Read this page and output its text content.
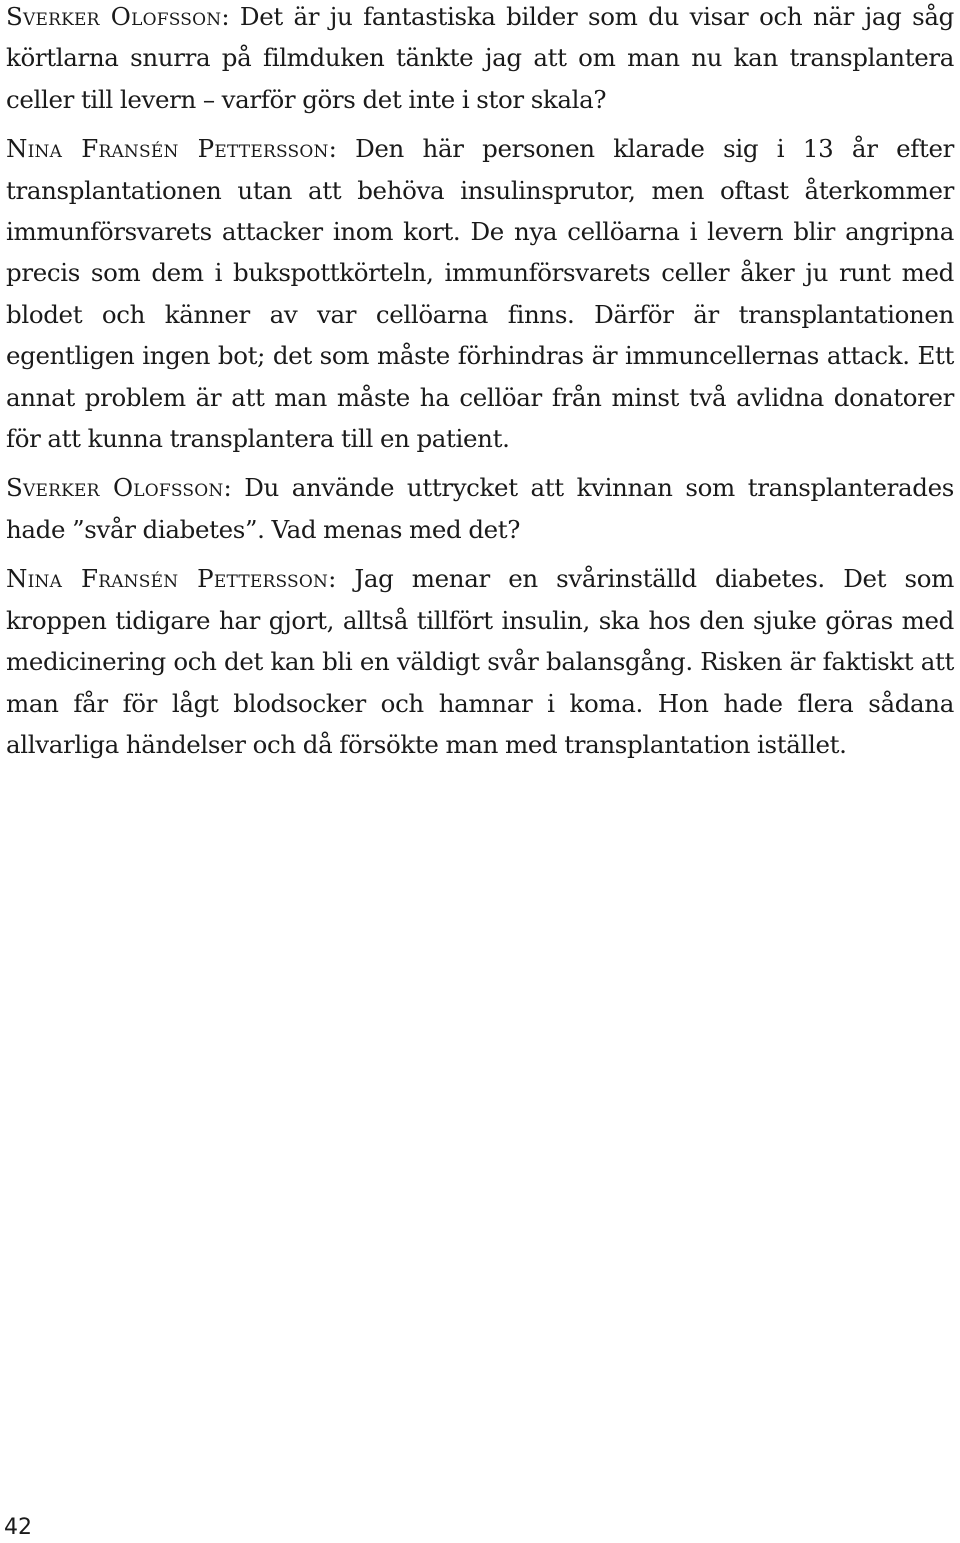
Sverker Olofsson: Det är ju fantastiska bilder som du visar och när jag såg körtlarna snurra på filmduken tänkte jag att om man nu kan transplantera celler till levern – varför görs det inte i stor skala?

Nina Fransén Pettersson: Den här personen klarade sig i 13 år efter transplantationen utan att behöva insulinsprutor, men oftast återkommer immunförsvarets attacker inom kort. De nya cellöarna i levern blir angripna precis som dem i bukspottkörteln, immunförsvarets celler åker ju runt med blodet och känner av var cellöarna finns. Därför är transplantationen egentligen ingen bot; det som måste förhindras är immuncellernas attack. Ett annat problem är att man måste ha cellöar från minst två avlidna donatorer för att kunna transplantera till en patient.

Sverker Olofsson: Du använde uttrycket att kvinnan som transplanterades hade ”svår diabetes”. Vad menas med det?

Nina Fransén Pettersson: Jag menar en svårinställd diabetes. Det som kroppen tidigare har gjort, alltså tillfört insulin, ska hos den sjuke göras med medicinering och det kan bli en väldigt svår balansgång. Risken är faktiskt att man får för lågt blodsocker och hamnar i koma. Hon hade flera sådana allvarliga händelser och då försökte man med transplantation istället.

42
